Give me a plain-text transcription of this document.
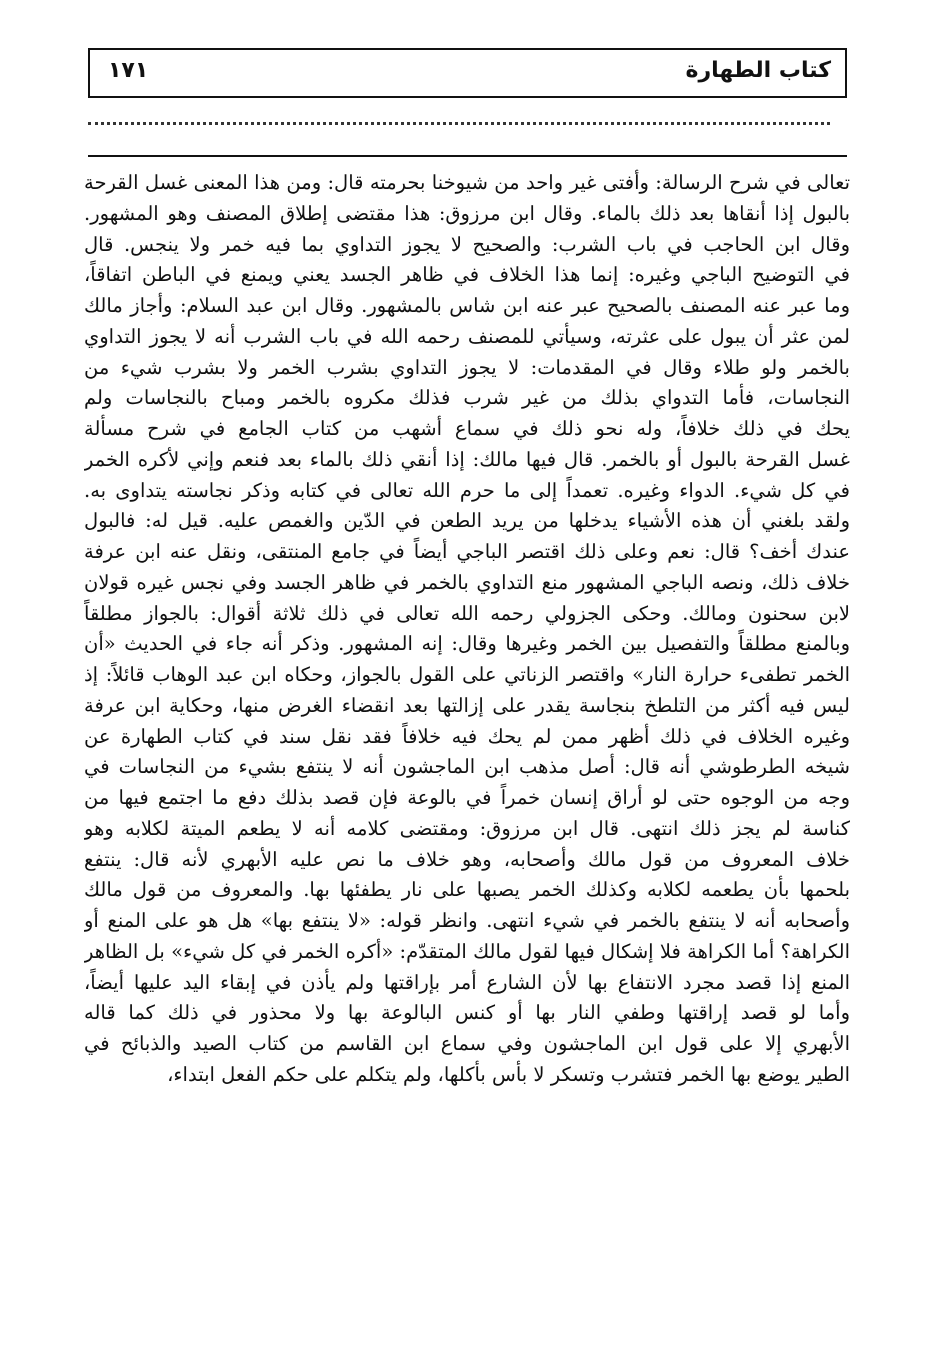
كتاب الطهارة
١٧١
تعالى في شرح الرسالة: وأفتى غير واحد من شيوخنا بحرمته قال: ومن هذا المعنى غسل القرحة
بالبول إذا أنقاها بعد ذلك بالماء. وقال ابن مرزوق: هذا مقتضى إطلاق المصنف وهو المشهور.
وقال ابن الحاجب في باب الشرب: والصحيح لا يجوز التداوي بما فيه خمر ولا ينجس. قال
في التوضيح الباجي وغيره: إنما هذا الخلاف في ظاهر الجسد يعني ويمنع في الباطن اتفاقاً،
وما عبر عنه المصنف بالصحيح عبر عنه ابن شاس بالمشهور. وقال ابن عبد السلام: وأجاز مالك
لمن عثر أن يبول على عثرته، وسيأتي للمصنف رحمه الله في باب الشرب أنه لا يجوز التداوي
بالخمر ولو طلاء وقال في المقدمات: لا يجوز التداوي بشرب الخمر ولا بشرب شيء من
النجاسات، فأما التدواي بذلك من غير شرب فذلك مكروه بالخمر ومباح بالنجاسات ولم
يحك في ذلك خلافاً، وله نحو ذلك في سماع أشهب من كتاب الجامع في شرح مسألة
غسل القرحة بالبول أو بالخمر. قال فيها مالك: إذا أنقي ذلك بالماء بعد فنعم وإني لأكره الخمر
في كل شيء. الدواء وغيره. تعمداً إلى ما حرم الله تعالى في كتابه وذكر نجاسته يتداوى به.
ولقد بلغني أن هذه الأشياء يدخلها من يريد الطعن في الدّين والغمص عليه. قيل له: فالبول
عندك أخف؟ قال: نعم وعلى ذلك اقتصر الباجي أيضاً في جامع المنتقى، ونقل عنه ابن عرفة
خلاف ذلك، ونصه الباجي المشهور منع التداوي بالخمر في ظاهر الجسد وفي نجس غيره قولان
لابن سحنون ومالك. وحكى الجزولي رحمه الله تعالى في ذلك ثلاثة أقوال: بالجواز مطلقاً
وبالمنع مطلقاً والتفصيل بين الخمر وغيرها وقال: إنه المشهور. وذكر أنه جاء في الحديث «أن
الخمر تطفىء حرارة النار» واقتصر الزناتي على القول بالجواز، وحكاه ابن عبد الوهاب قائلاً: إذ
ليس فيه أكثر من التلطخ بنجاسة يقدر على إزالتها بعد انقضاء الغرض منها، وحكاية ابن عرفة
وغيره الخلاف في ذلك أظهر ممن لم يحك فيه خلافاً فقد نقل سند في كتاب الطهارة عن
شيخه الطرطوشي أنه قال: أصل مذهب ابن الماجشون أنه لا ينتفع بشيء من النجاسات في
وجه من الوجوه حتى لو أراق إنسان خمراً في بالوعة فإن قصد بذلك دفع ما اجتمع فيها من
كناسة لم يجز ذلك انتهى. قال ابن مرزوق: ومقتضى كلامه أنه لا يطعم الميتة لكلابه وهو
خلاف المعروف من قول مالك وأصحابه، وهو خلاف ما نص عليه الأبهري لأنه قال: ينتفع
بلحمها بأن يطعمه لكلابه وكذلك الخمر يصبها على نار يطفئها بها. والمعروف من قول مالك
وأصحابه أنه لا ينتفع بالخمر في شيء انتهى. وانظر قوله: «لا ينتفع بها» هل هو على المنع أو
الكراهة؟ أما الكراهة فلا إشكال فيها لقول مالك المتقدّم: «أكره الخمر في كل شيء» بل الظاهر
المنع إذا قصد مجرد الانتفاع بها لأن الشارع أمر بإراقتها ولم يأذن في إبقاء اليد عليها أيضاً،
وأما لو قصد إراقتها وطفي النار بها أو كنس البالوعة بها ولا محذور في ذلك كما قاله
الأبهري إلا على قول ابن الماجشون وفي سماع ابن القاسم من كتاب الصيد والذبائح في
الطير يوضع بها الخمر فتشرب وتسكر لا بأس بأكلها، ولم يتكلم على حكم الفعل ابتداء،
